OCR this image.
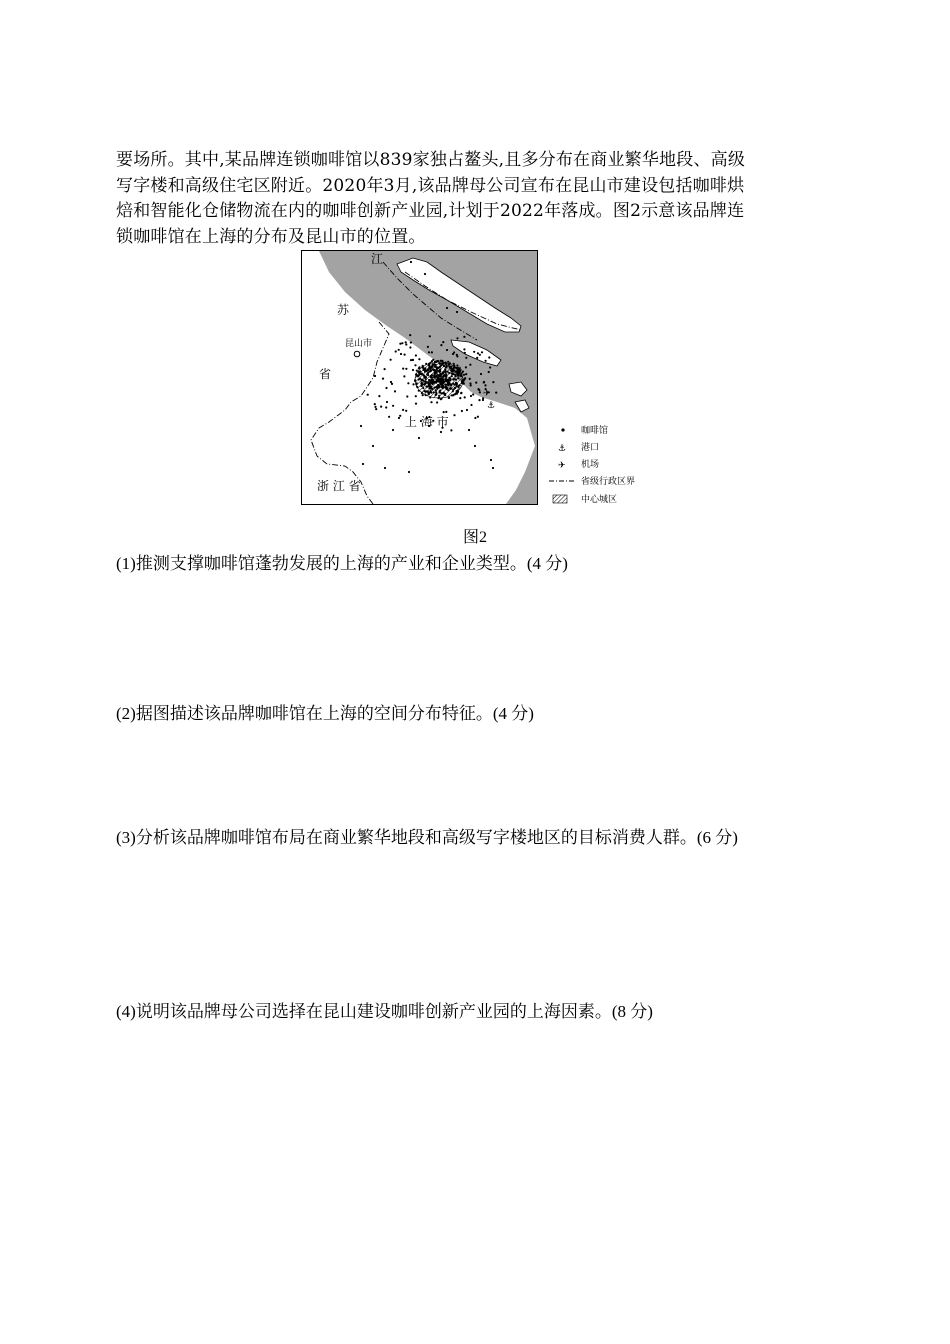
要场所。其中,某品牌连锁咖啡馆以839家独占鳌头,且多分布在商业繁华地段、高级
写字楼和高级住宅区附近。2020年3月,该品牌母公司宣布在昆山市建设包括咖啡烘
焙和智能化仓储物流在内的咖啡创新产业园,计划于2022年落成。图2示意该品牌连
锁咖啡馆在上海的分布及昆山市的位置。
⚓
⚓
✈
✈
江
苏
昆山市
省
上 海 市
浙 江 省
咖啡馆
⚓ 港口
✈ 机场
省级行政区界
中心城区
图2
(1)推测支撑咖啡馆蓬勃发展的上海的产业和企业类型。(4 分)
(2)据图描述该品牌咖啡馆在上海的空间分布特征。(4 分)
(3)分析该品牌咖啡馆布局在商业繁华地段和高级写字楼地区的目标消费人群。(6 分)
(4)说明该品牌母公司选择在昆山建设咖啡创新产业园的上海因素。(8 分)
